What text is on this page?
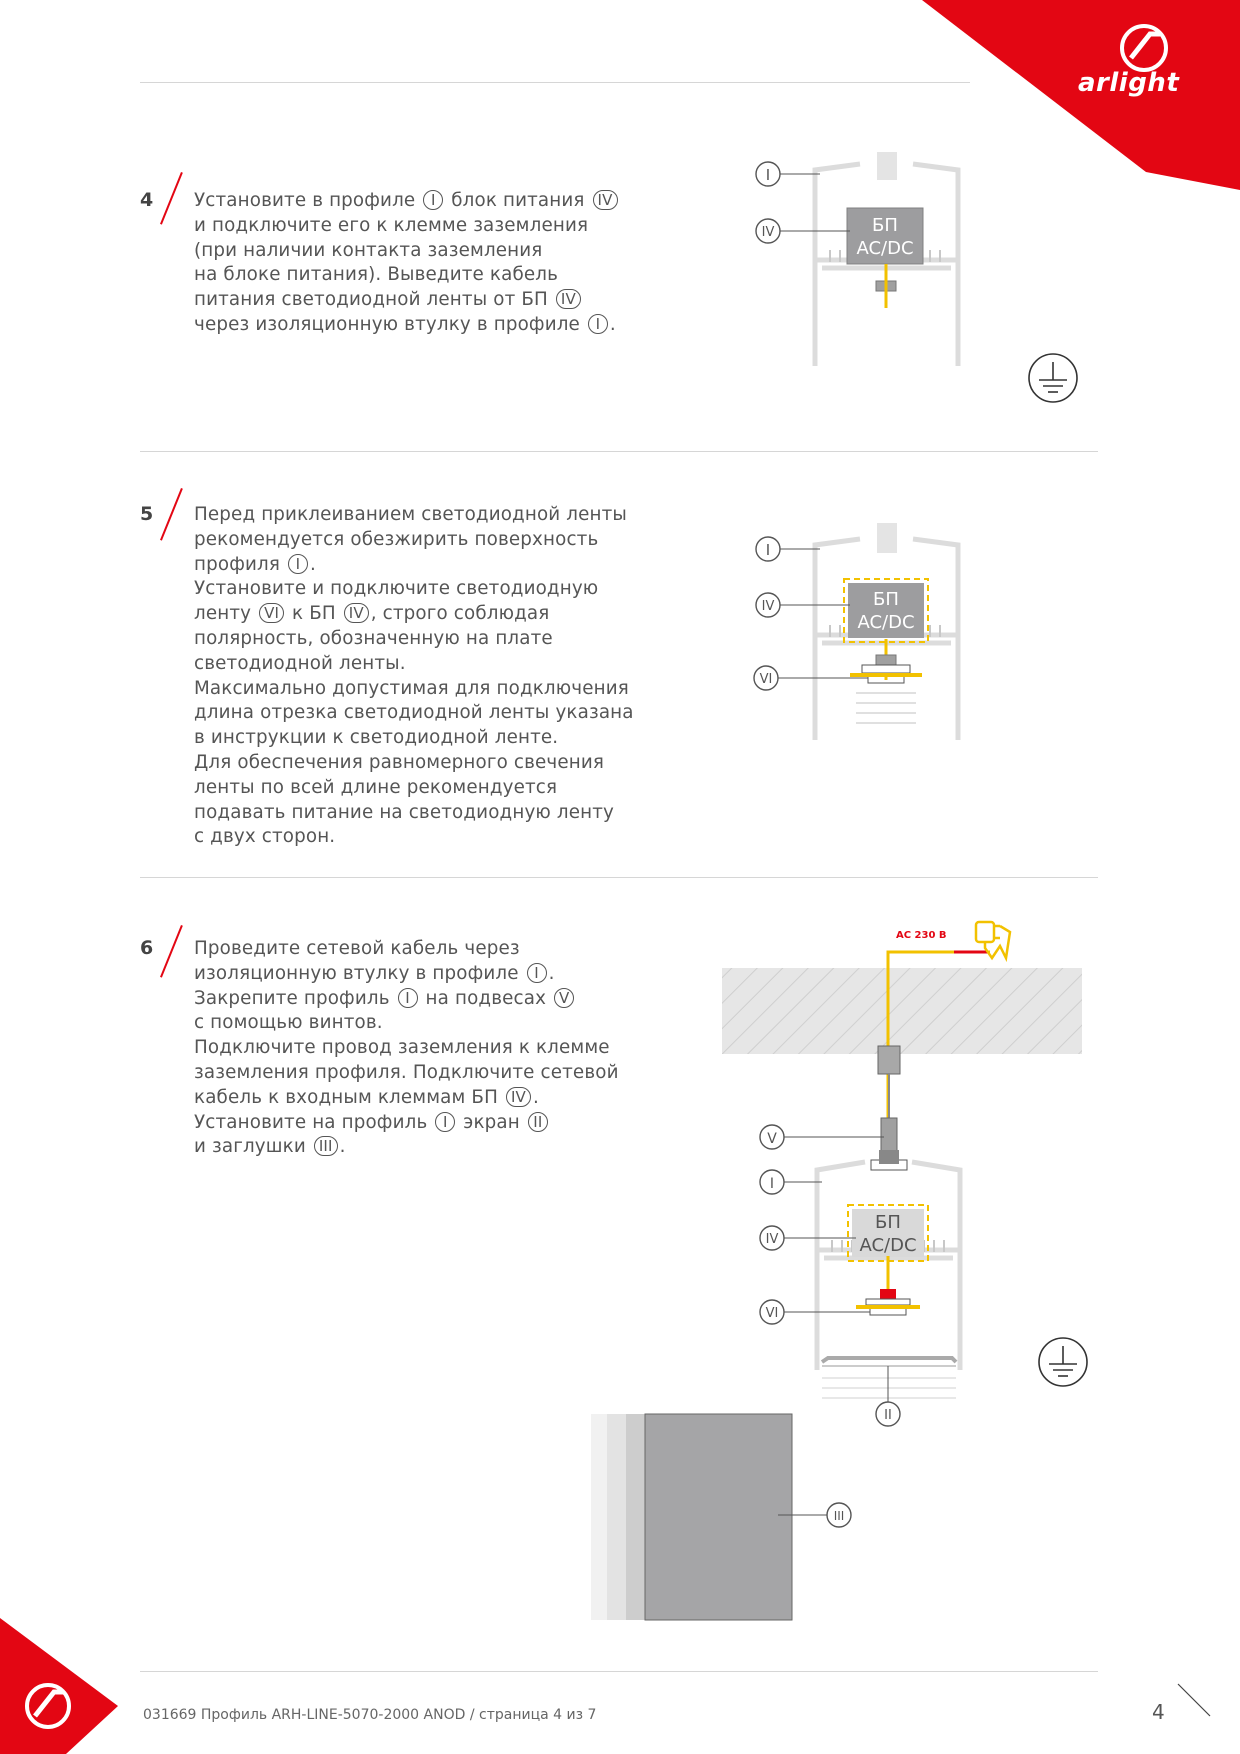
arlight
4 Установите в профиле I блок питания IV
и подключите его к клемме заземления
(при наличии контакта заземления
на блоке питания). Выведите кабель
питания светодиодной ленты от БП IV
через изоляционную втулку в профиле I .
5 Перед приклеиванием светодиодной ленты
рекомендуется обезжирить поверхность
профиля I .
Установите и подключите светодиодную
ленту VI к БП IV , строго соблюдая
полярность, обозначенную на плате
светодиодной ленты.
Максимально допустимая для подключения
длина отрезка светодиодной ленты указана
в инструкции к светодиодной ленте.
Для обеспечения равномерного свечения
ленты по всей длине рекомендуется
подавать питание на светодиодную ленту
с двух сторон.
6 Проведите сетевой кабель через
изоляционную втулку в профиле I .
Закрепите профиль I на подвесах V
с помощью винтов.
Подключите провод заземления к клемме
заземления профиля. Подключите сетевой
кабель к входным клеммам БП IV .
Установите на профиль I экран II
и заглушки III .
БП
AC/DC
I
IV
БП
AC/DC
I
IV
VI
AC 230 В
БП
AC/DC
V
I
IV
VI
II
III
031669 Профиль ARH-LINE-5070-2000 ANOD / страница 4 из 7	4
